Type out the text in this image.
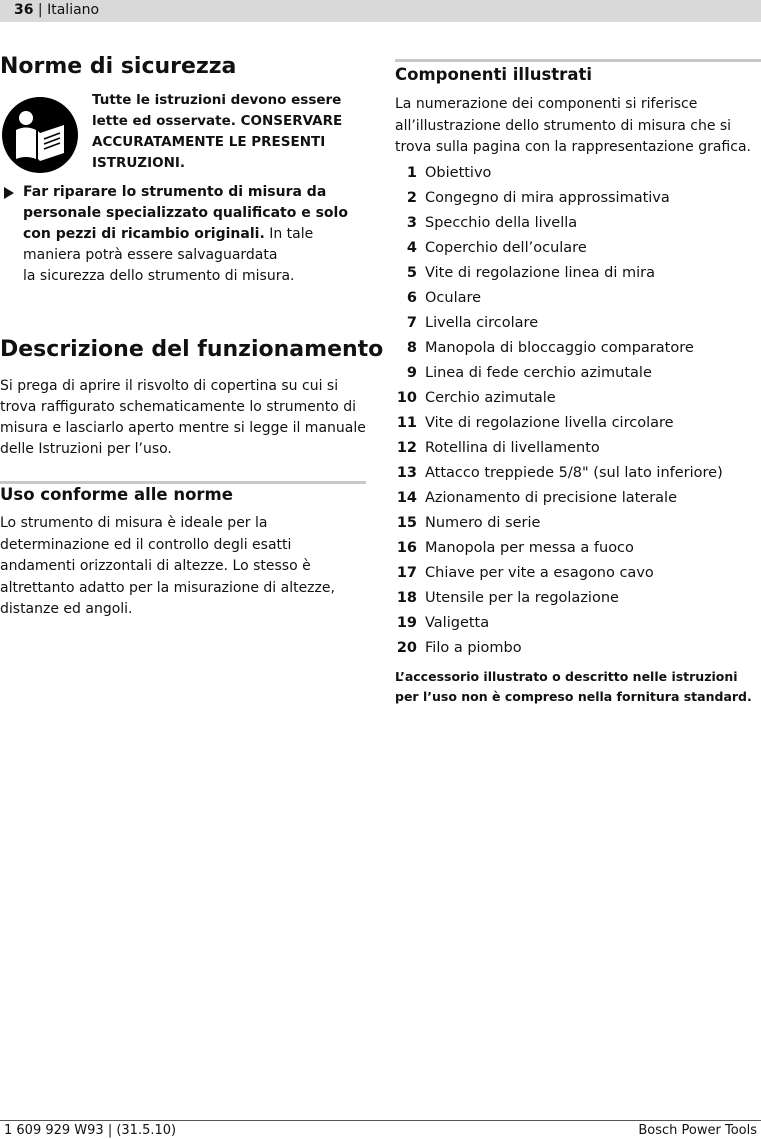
36 | Italiano
Norme di sicurezza
Tutte le istruzioni devono essere lette ed osservate. CONSERVARE ACCURATAMENTE LE PRESENTI ISTRUZIONI.
Far riparare lo strumento di misura da personale specializzato qualificato e solo con pezzi di ricambio originali. In tale
maniera potrà essere salvaguardata
la sicurezza dello strumento di misura.
Descrizione del funzionamento
Si prega di aprire il risvolto di copertina su cui si trova raffigurato schematicamente lo strumento di misura e lasciarlo aperto mentre si legge il manuale delle Istruzioni per l’uso.
Uso conforme alle norme
Lo strumento di misura è ideale per la determinazione ed il controllo degli esatti andamenti orizzontali di altezze. Lo stesso è altrettanto adatto per la misurazione di altezze, distanze ed angoli.
Componenti illustrati
La numerazione dei componenti si riferisce all’illustrazione dello strumento di misura che si trova sulla pagina con la rappresentazione grafica.
1 Obiettivo
2 Congegno di mira approssimativa
3 Specchio della livella
4 Coperchio dell’oculare
5 Vite di regolazione linea di mira
6 Oculare
7 Livella circolare
8 Manopola di bloccaggio comparatore
9 Linea di fede cerchio azimutale
10 Cerchio azimutale
11 Vite di regolazione livella circolare
12 Rotellina di livellamento
13 Attacco treppiede 5/8" (sul lato inferiore)
14 Azionamento di precisione laterale
15 Numero di serie
16 Manopola per messa a fuoco
17 Chiave per vite a esagono cavo
18 Utensile per la regolazione
19 Valigetta
20 Filo a piombo
L’accessorio illustrato o descritto nelle istruzioni per l’uso non è compreso nella fornitura standard.
1 609 929 W93 | (31.5.10)	Bosch Power Tools
